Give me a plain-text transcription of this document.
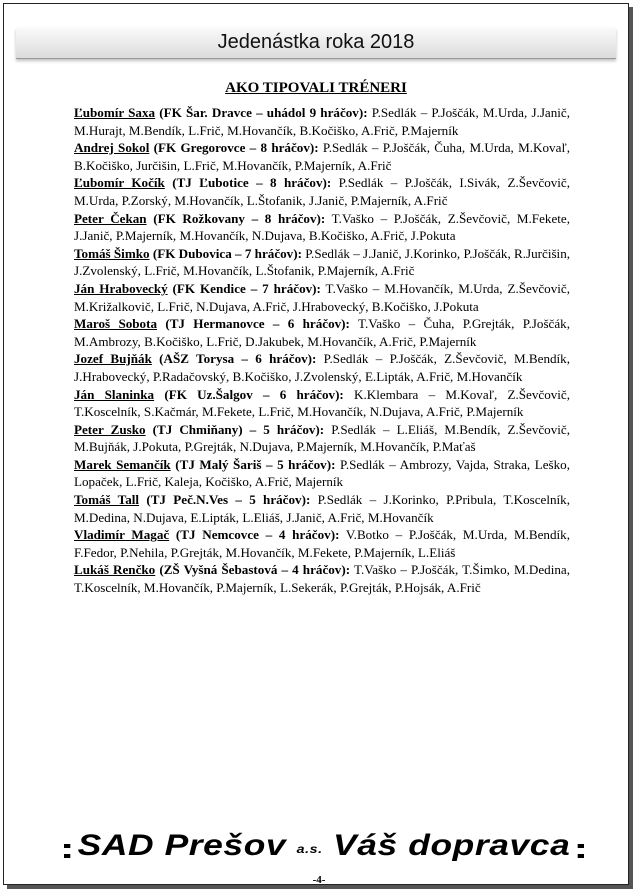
Jedenástka roka 2018
AKO TIPOVALI TRÉNERI

Ľubomír Saxa (FK Šar. Dravce – uhádol 9 hráčov): P.Sedlák – P.Joščák, M.Urda, J.Janič, M.Hurajt, M.Bendík, L.Frič, M.Hovančík, B.Kočiško, A.Frič, P.Majerník

Andrej Sokol (FK Gregorovce – 8 hráčov): P.Sedlák – P.Joščák, Čuha, M.Urda, M.Kovaľ, B.Kočiško, Jurčišin, L.Frič, M.Hovančík, P.Majerník, A.Frič

Ľubomír Kočík (TJ Ľubotice – 8 hráčov): P.Sedlák – P.Joščák, I.Sivák, Z.Ševčovič, M.Urda, P.Zorský, M.Hovančík, L.Štofanik, J.Janič, P.Majerník, A.Frič

Peter Čekan (FK Rožkovany – 8 hráčov): T.Vaško – P.Joščák, Z.Ševčovič, M.Fekete, J.Janič, P.Majerník, M.Hovančík, N.Dujava, B.Kočiško, A.Frič, J.Pokuta

Tomáš Šimko (FK Dubovica – 7 hráčov): P.Sedlák – J.Janič, J.Korinko, P.Joščák, R.Jurčišin, J.Zvolenský, L.Frič, M.Hovančík, L.Štofanik, P.Majerník, A.Frič

Ján Hrabovecký (FK Kendice – 7 hráčov): T.Vaško – M.Hovančík, M.Urda, Z.Ševčovič, M.Križalkovič, L.Frič, N.Dujava, A.Frič, J.Hrabovecký, B.Kočiško, J.Pokuta

Maroš Sobota (TJ Hermanovce – 6 hráčov): T.Vaško – Čuha, P.Grejták, P.Joščák, M.Ambrozy, B.Kočiško, L.Frič, D.Jakubek, M.Hovančík, A.Frič, P.Majerník

Jozef Bujňák (AŠZ Torysa – 6 hráčov): P.Sedlák – P.Joščák, Z.Ševčovič, M.Bendík, J.Hrabovecký, P.Radačovský, B.Kočiško, J.Zvolenský, E.Lipták, A.Frič, M.Hovančík

Ján Slaninka (FK Uz.Šalgov – 6 hráčov): K.Klembara – M.Kovaľ, Z.Ševčovič, T.Koscelník, S.Kačmár, M.Fekete, L.Frič, M.Hovančík, N.Dujava, A.Frič, P.Majerník

Peter Zusko (TJ Chmiňany) – 5 hráčov): P.Sedlák – L.Eliáš, M.Bendík, Z.Ševčovič, M.Bujňák, J.Pokuta, P.Grejták, N.Dujava, P.Majerník, M.Hovančík, P.Maťaš

Marek Semančík (TJ Malý Šariš – 5 hráčov): P.Sedlák – Ambrozy, Vajda, Straka, Leško, Lopaček, L.Frič, Kaleja, Kočiško, A.Frič, Majerník

Tomáš Tall (TJ Peč.N.Ves – 5 hráčov): P.Sedlák – J.Korinko, P.Pribula, T.Koscelník, M.Dedina, N.Dujava, E.Lipták, L.Eliáš, J.Janič, A.Frič, M.Hovančík

Vladimír Magač (TJ Nemcovce – 4 hráčov): V.Botko – P.Joščák, M.Urda, M.Bendík, F.Fedor, P.Nehila, P.Grejták, M.Hovančík, M.Fekete, P.Majerník, L.Eliáš

Lukáš Renčko (ZŠ Vyšná Šebastová – 4 hráčov): T.Vaško – P.Joščák, T.Šimko, M.Dedina, T.Koscelník, M.Hovančík, P.Majerník, L.Sekerák, P.Grejták, P.Hojsák, A.Frič

SAD Prešov a.s. Váš dopravca
-4-
